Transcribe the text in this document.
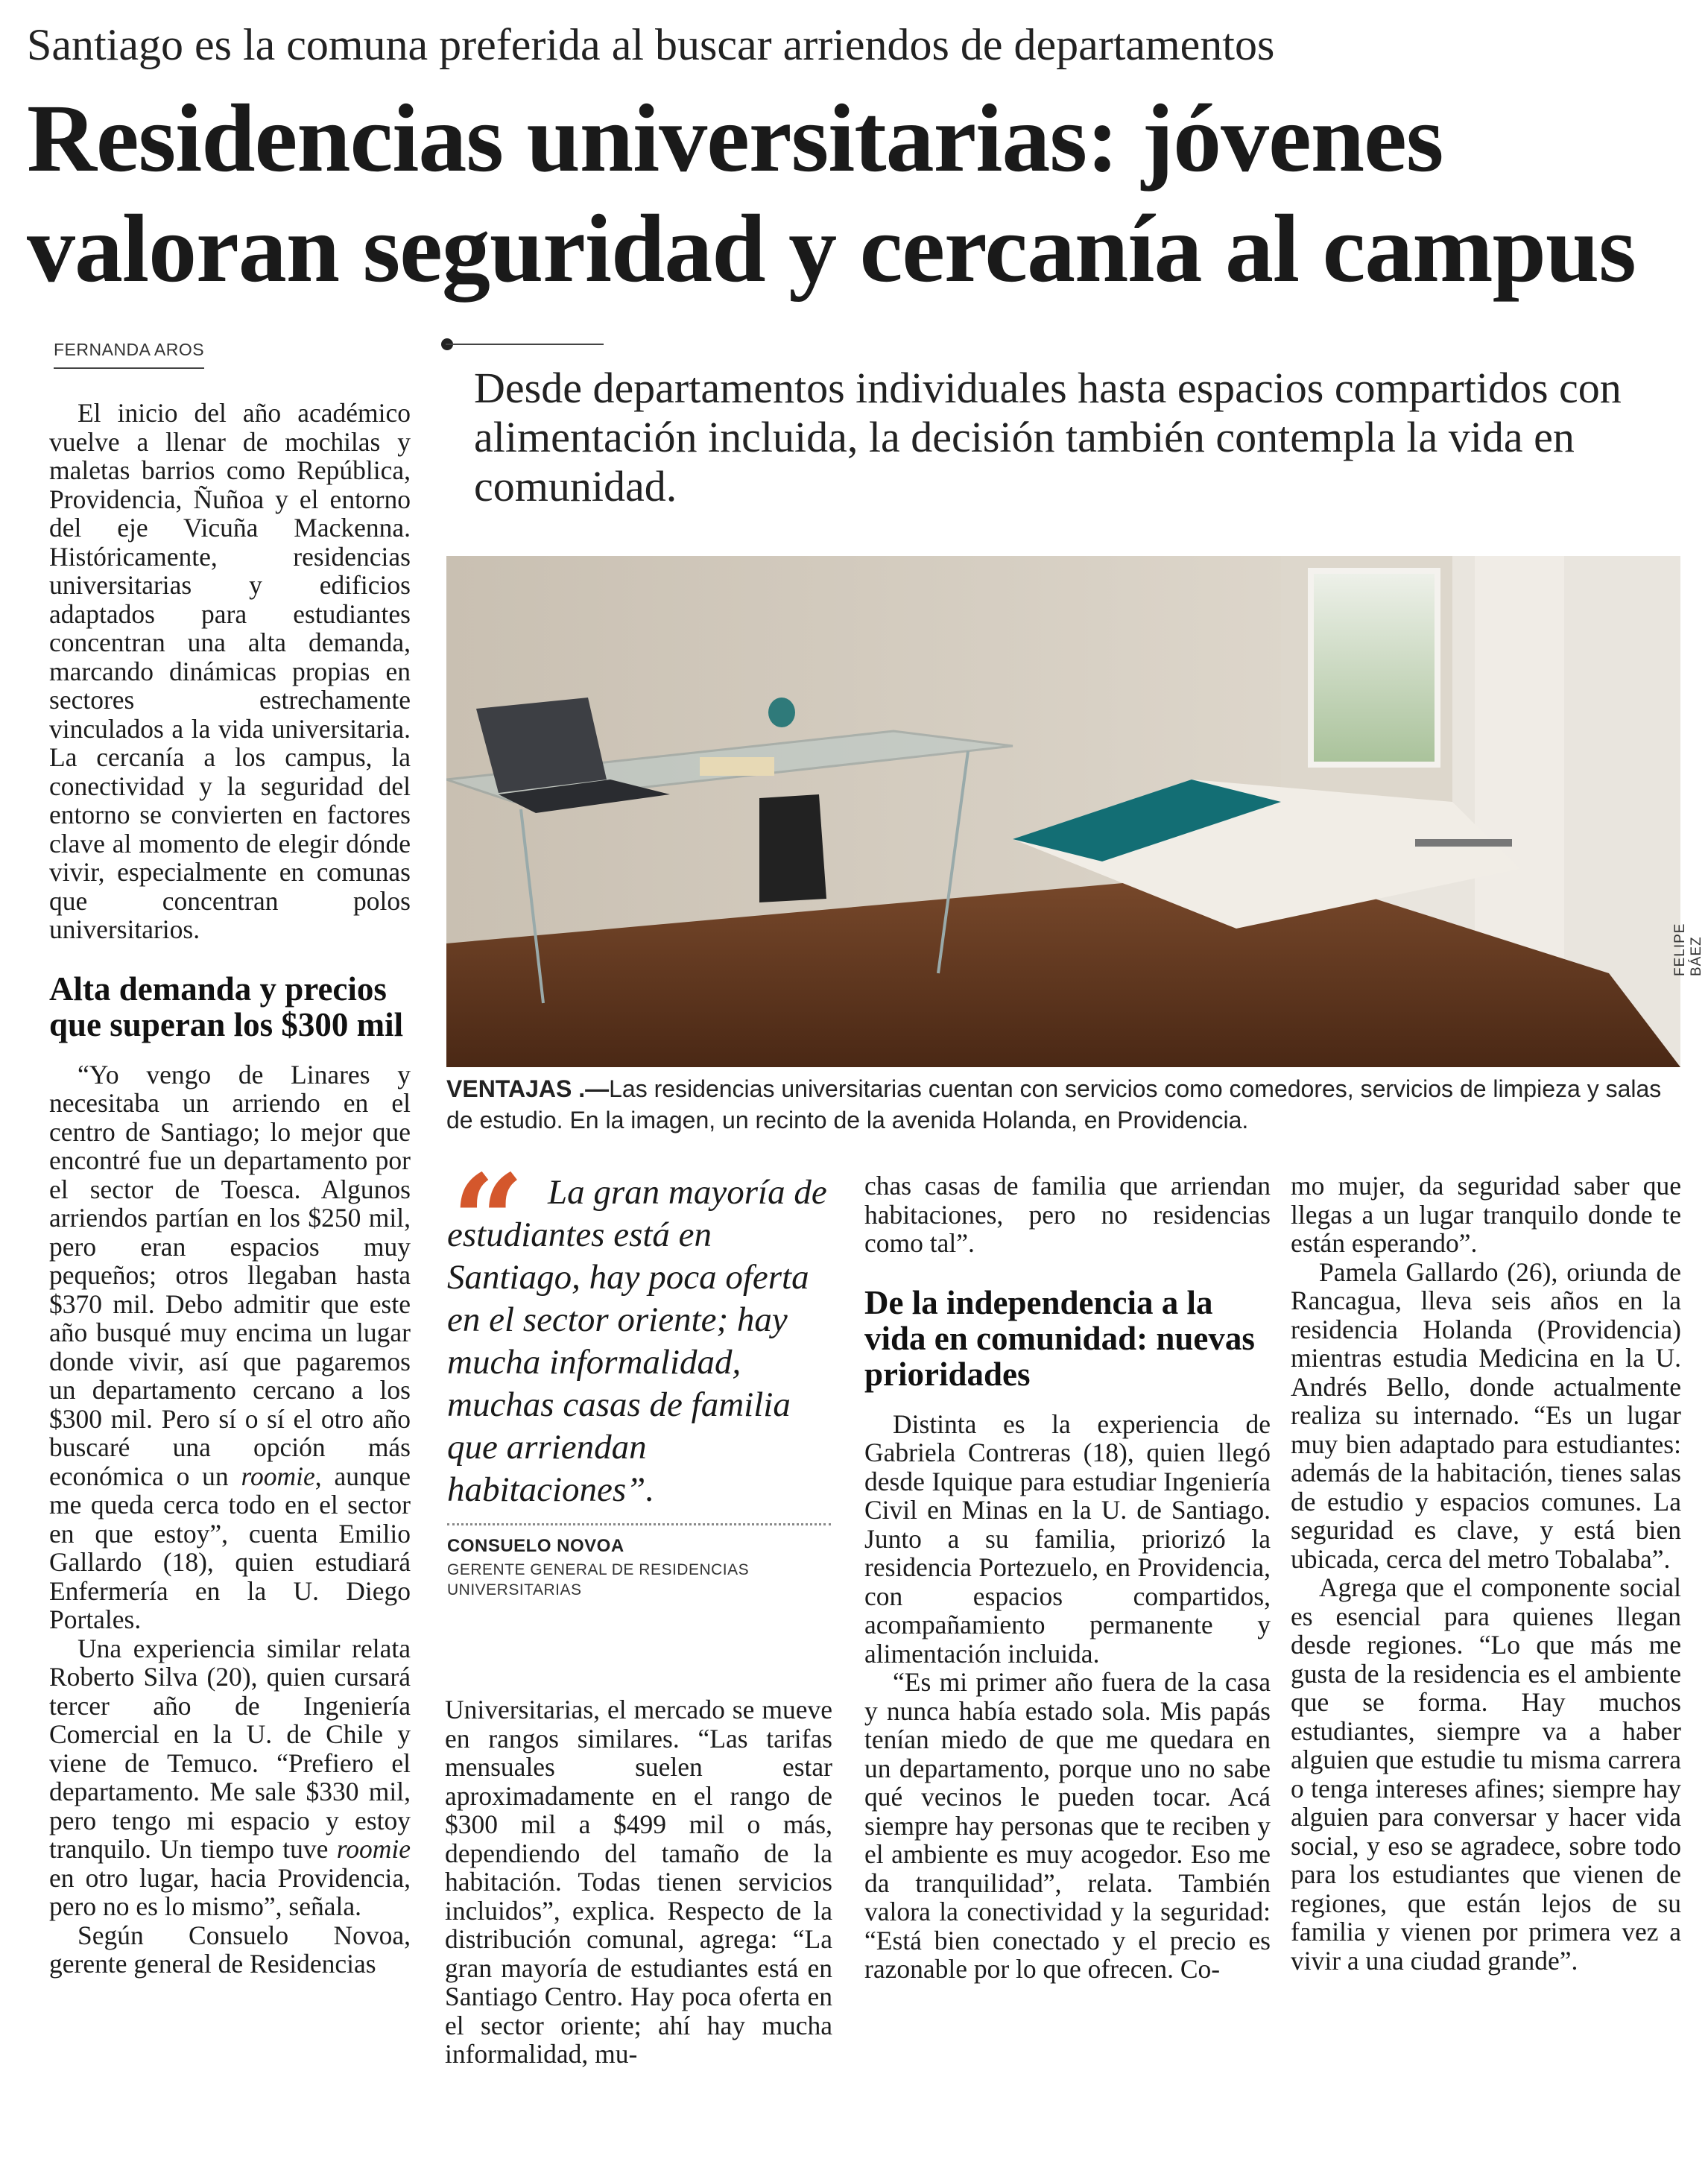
Santiago es la comuna preferida al buscar arriendos de departamentos
Residencias universitarias: jóvenes valoran seguridad y cercanía al campus
FERNANDA AROS
Desde departamentos individuales hasta espacios compartidos con alimentación incluida, la decisión también contempla la vida en comunidad.

El inicio del año académico vuelve a llenar de mochilas y maletas barrios como República, Providencia, Ñuñoa y el entorno del eje Vicuña Mackenna. Históricamente, residencias universitarias y edificios adaptados para estudiantes concentran una alta demanda, marcando dinámicas propias en sectores estrechamente vinculados a la vida universitaria. La cercanía a los campus, la conectividad y la seguridad del entorno se convierten en factores clave al momento de elegir dónde vivir, especialmente en comunas que concentran polos universitarios.

Alta demanda y precios que superan los $300 mil

“Yo vengo de Linares y necesitaba un arriendo en el centro de Santiago; lo mejor que encontré fue un departamento por el sector de Toesca. Algunos arriendos partían en los $250 mil, pero eran espacios muy pequeños; otros llegaban hasta $370 mil. Debo admitir que este año busqué muy encima un lugar donde vivir, así que pagaremos un departamento cercano a los $300 mil. Pero sí o sí el otro año buscaré una opción más económica o un roomie, aunque me queda cerca todo en el sector en que estoy”, cuenta Emilio Gallardo (18), quien estudiará Enfermería en la U. Diego Portales.

Una experiencia similar relata Roberto Silva (20), quien cursará tercer año de Ingeniería Comercial en la U. de Chile y viene de Temuco. “Prefiero el departamento. Me sale $330 mil, pero tengo mi espacio y estoy tranquilo. Un tiempo tuve roomie en otro lugar, hacia Providencia, pero no es lo mismo”, señala.

Según Consuelo Novoa, gerente general de Residencias

FELIPE BÁEZ
VENTAJAS .—Las residencias universitarias cuentan con servicios como comedores, servicios de limpieza y salas de estudio. En la imagen, un recinto de la avenida Holanda, en Providencia.
“ La gran mayoría de estudiantes está en Santiago, hay poca oferta en el sector oriente; hay mucha informalidad, muchas casas de familia que arriendan habitaciones”.
CONSUELO NOVOA
GERENTE GENERAL DE RESIDENCIAS UNIVERSITARIAS

Universitarias, el mercado se mueve en rangos similares. “Las tarifas mensuales suelen estar aproximadamente en el rango de $300 mil a $499 mil o más, dependiendo del tamaño de la habitación. Todas tienen servicios incluidos”, explica. Respecto de la distribución comunal, agrega: “La gran mayoría de estudiantes está en Santiago Centro. Hay poca oferta en el sector oriente; ahí hay mucha informalidad, mu-

chas casas de familia que arriendan habitaciones, pero no residencias como tal”.

De la independencia a la vida en comunidad: nuevas prioridades

Distinta es la experiencia de Gabriela Contreras (18), quien llegó desde Iquique para estudiar Ingeniería Civil en Minas en la U. de Santiago. Junto a su familia, priorizó la residencia Portezuelo, en Providencia, con espacios compartidos, acompañamiento permanente y alimentación incluida.

“Es mi primer año fuera de la casa y nunca había estado sola. Mis papás tenían miedo de que me quedara en un departamento, porque uno no sabe qué vecinos le pueden tocar. Acá siempre hay personas que te reciben y el ambiente es muy acogedor. Eso me da tranquilidad”, relata. También valora la conectividad y la seguridad: “Está bien conectado y el precio es razonable por lo que ofrecen. Co-

mo mujer, da seguridad saber que llegas a un lugar tranquilo donde te están esperando”.

Pamela Gallardo (26), oriunda de Rancagua, lleva seis años en la residencia Holanda (Providencia) mientras estudia Medicina en la U. Andrés Bello, donde actualmente realiza su internado. “Es un lugar muy bien adaptado para estudiantes: además de la habitación, tienes salas de estudio y espacios comunes. La seguridad es clave, y está bien ubicada, cerca del metro Tobalaba”.

Agrega que el componente social es esencial para quienes llegan desde regiones. “Lo que más me gusta de la residencia es el ambiente que se forma. Hay muchos estudiantes, siempre va a haber alguien que estudie tu misma carrera o tenga intereses afines; siempre hay alguien para conversar y hacer vida social, y eso se agradece, sobre todo para los estudiantes que vienen de regiones, que están lejos de su familia y vienen por primera vez a vivir a una ciudad grande”.
